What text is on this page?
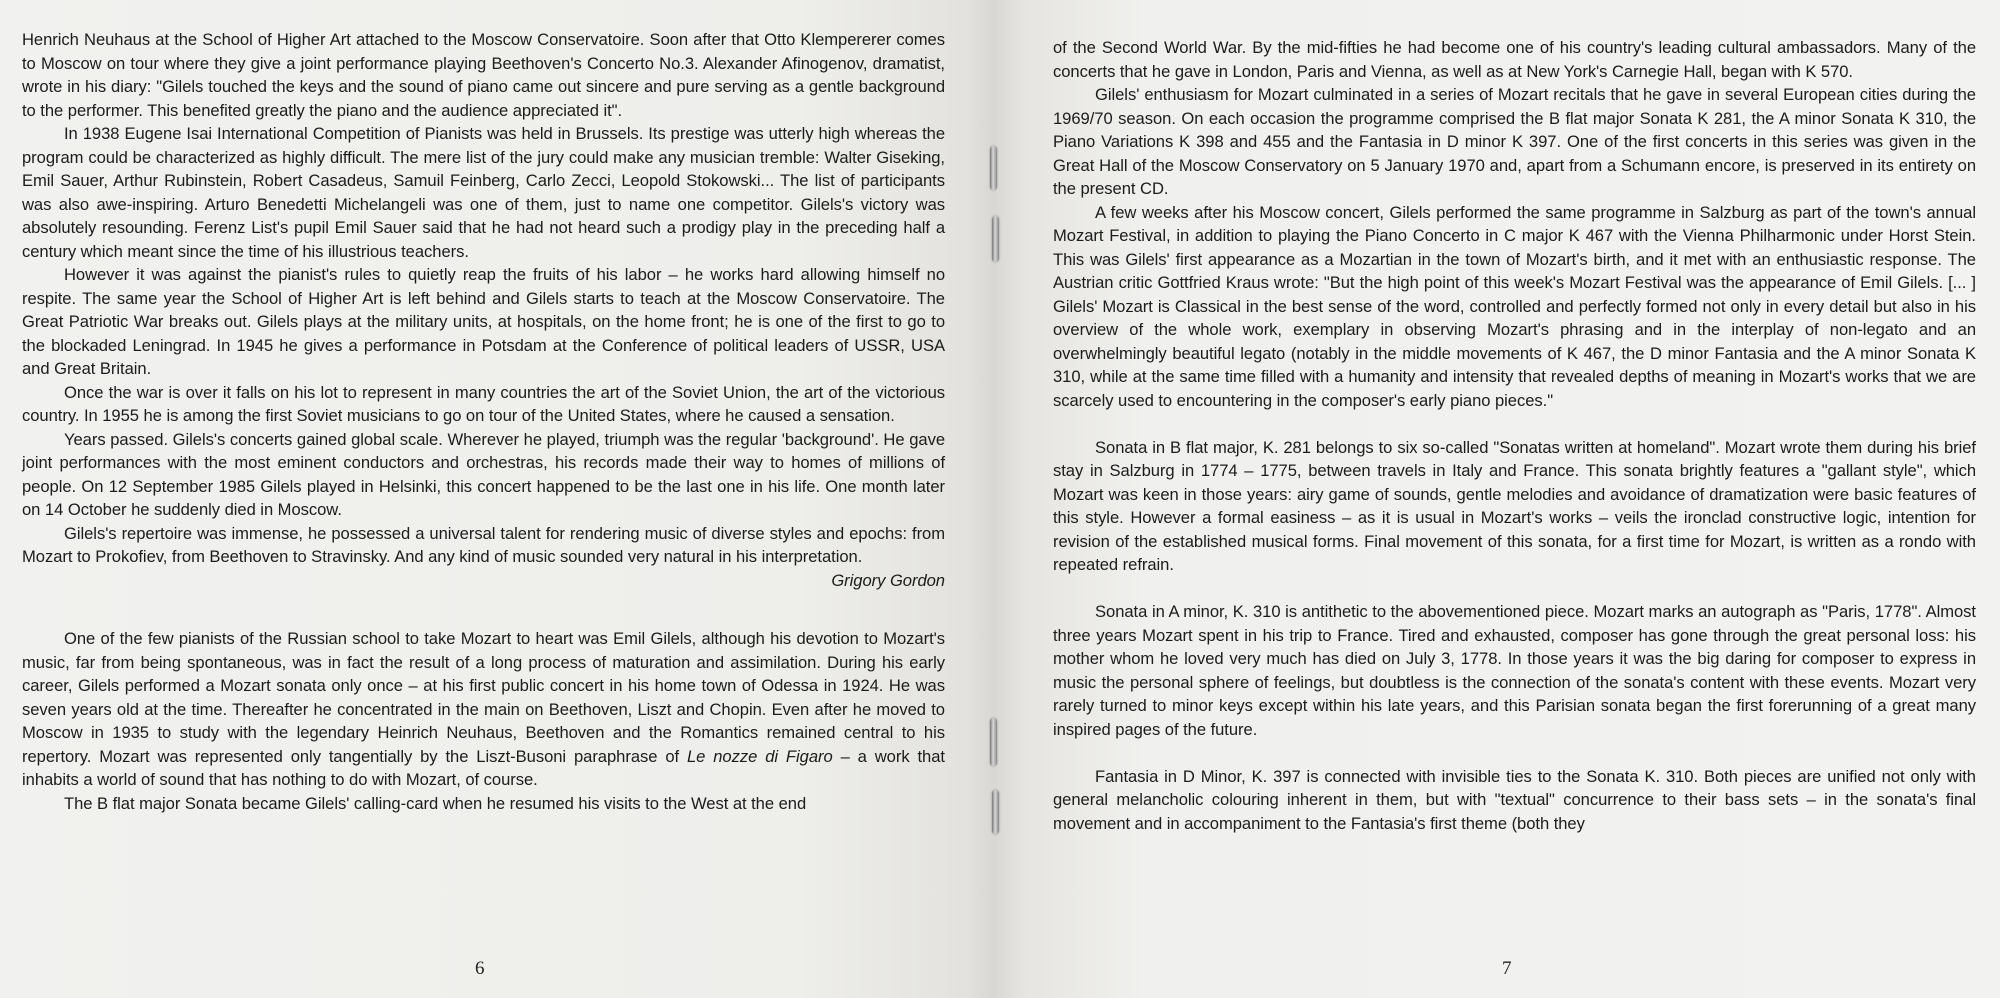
Henrich Neuhaus at the School of Higher Art attached to the Moscow Conservatoire. Soon after that Otto Klempererer comes to Moscow on tour where they give a joint performance playing Beethoven's Concerto No.3. Alexander Afinogenov, dramatist, wrote in his diary: "Gilels touched the keys and the sound of piano came out sincere and pure serving as a gentle background to the performer. This benefited greatly the piano and the audience appreciated it".

In 1938 Eugene Isai International Competition of Pianists was held in Brussels. Its prestige was utterly high whereas the program could be characterized as highly difficult. The mere list of the jury could make any musician tremble: Walter Giseking, Emil Sauer, Arthur Rubinstein, Robert Casadeus, Samuil Feinberg, Carlo Zecci, Leopold Stokowski... The list of participants was also awe-inspiring. Arturo Benedetti Michelangeli was one of them, just to name one competitor. Gilels's victory was absolutely resounding. Ferenz List's pupil Emil Sauer said that he had not heard such a prodigy play in the preceding half a century which meant since the time of his illustrious teachers.

However it was against the pianist's rules to quietly reap the fruits of his labor – he works hard allowing himself no respite. The same year the School of Higher Art is left behind and Gilels starts to teach at the Moscow Conservatoire. The Great Patriotic War breaks out. Gilels plays at the military units, at hospitals, on the home front; he is one of the first to go to the blockaded Leningrad. In 1945 he gives a performance in Potsdam at the Conference of political leaders of USSR, USA and Great Britain.

Once the war is over it falls on his lot to represent in many countries the art of the Soviet Union, the art of the victorious country. In 1955 he is among the first Soviet musicians to go on tour of the United States, where he caused a sensation.

Years passed. Gilels's concerts gained global scale. Wherever he played, triumph was the regular 'background'. He gave joint performances with the most eminent conductors and orchestras, his records made their way to homes of millions of people. On 12 September 1985 Gilels played in Helsinki, this concert happened to be the last one in his life. One month later on 14 October he suddenly died in Moscow.

Gilels's repertoire was immense, he possessed a universal talent for rendering music of diverse styles and epochs: from Mozart to Prokofiev, from Beethoven to Stravinsky. And any kind of music sounded very natural in his interpretation.

Grigory Gordon

One of the few pianists of the Russian school to take Mozart to heart was Emil Gilels, although his devotion to Mozart's music, far from being spontaneous, was in fact the result of a long process of maturation and assimilation. During his early career, Gilels performed a Mozart sonata only once – at his first public concert in his home town of Odessa in 1924. He was seven years old at the time. Thereafter he concentrated in the main on Beethoven, Liszt and Chopin. Even after he moved to Moscow in 1935 to study with the legendary Heinrich Neuhaus, Beethoven and the Romantics remained central to his repertory. Mozart was represented only tangentially by the Liszt-Busoni paraphrase of Le nozze di Figaro – a work that inhabits a world of sound that has nothing to do with Mozart, of course.

The B flat major Sonata became Gilels' calling-card when he resumed his visits to the West at the end

6

of the Second World War. By the mid-fifties he had become one of his country's leading cultural ambassadors. Many of the concerts that he gave in London, Paris and Vienna, as well as at New York's Carnegie Hall, began with K 570.

Gilels' enthusiasm for Mozart culminated in a series of Mozart recitals that he gave in several European cities during the 1969/70 season. On each occasion the programme comprised the B flat major Sonata K 281, the A minor Sonata K 310, the Piano Variations K 398 and 455 and the Fantasia in D minor K 397. One of the first concerts in this series was given in the Great Hall of the Moscow Conservatory on 5 January 1970 and, apart from a Schumann encore, is preserved in its entirety on the present CD.

A few weeks after his Moscow concert, Gilels performed the same programme in Salzburg as part of the town's annual Mozart Festival, in addition to playing the Piano Concerto in C major K 467 with the Vienna Philharmonic under Horst Stein. This was Gilels' first appearance as a Mozartian in the town of Mozart's birth, and it met with an enthusiastic response. The Austrian critic Gottfried Kraus wrote: "But the high point of this week's Mozart Festival was the appearance of Emil Gilels. [... ] Gilels' Mozart is Classical in the best sense of the word, controlled and perfectly formed not only in every detail but also in his overview of the whole work, exemplary in observing Mozart's phrasing and in the interplay of non-legato and an overwhelmingly beautiful legato (notably in the middle movements of K 467, the D minor Fantasia and the A minor Sonata K 310, while at the same time filled with a humanity and intensity that revealed depths of meaning in Mozart's works that we are scarcely used to encountering in the composer's early piano pieces."

Sonata in B flat major, K. 281 belongs to six so-called "Sonatas written at homeland". Mozart wrote them during his brief stay in Salzburg in 1774 – 1775, between travels in Italy and France. This sonata brightly features a "gallant style", which Mozart was keen in those years: airy game of sounds, gentle melodies and avoidance of dramatization were basic features of this style. However a formal easiness – as it is usual in Mozart's works – veils the ironclad constructive logic, intention for revision of the established musical forms. Final movement of this sonata, for a first time for Mozart, is written as a rondo with repeated refrain.

Sonata in A minor, K. 310 is antithetic to the abovementioned piece. Mozart marks an autograph as "Paris, 1778". Almost three years Mozart spent in his trip to France. Tired and exhausted, composer has gone through the great personal loss: his mother whom he loved very much has died on July 3, 1778. In those years it was the big daring for composer to express in music the personal sphere of feelings, but doubtless is the connection of the sonata's content with these events. Mozart very rarely turned to minor keys except within his late years, and this Parisian sonata began the first forerunning of a great many inspired pages of the future.

Fantasia in D Minor, K. 397 is connected with invisible ties to the Sonata K. 310. Both pieces are unified not only with general melancholic colouring inherent in them, but with "textual" concurrence to their bass sets – in the sonata's final movement and in accompaniment to the Fantasia's first theme (both they

7
